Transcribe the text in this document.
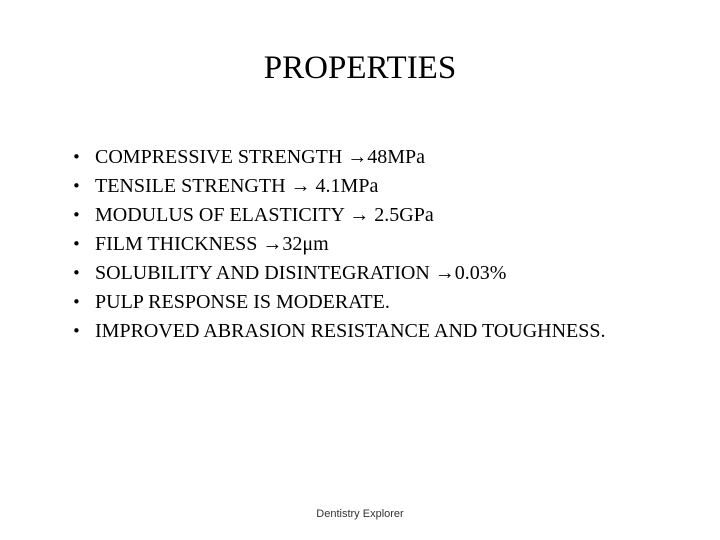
PROPERTIES
• COMPRESSIVE STRENGTH →48MPa
• TENSILE STRENGTH → 4.1MPa
• MODULUS OF ELASTICITY → 2.5GPa
• FILM THICKNESS →32μm
• SOLUBILITY AND DISINTEGRATION →0.03%
• PULP RESPONSE IS MODERATE.
• IMPROVED ABRASION RESISTANCE AND TOUGHNESS.
Dentistry Explorer
